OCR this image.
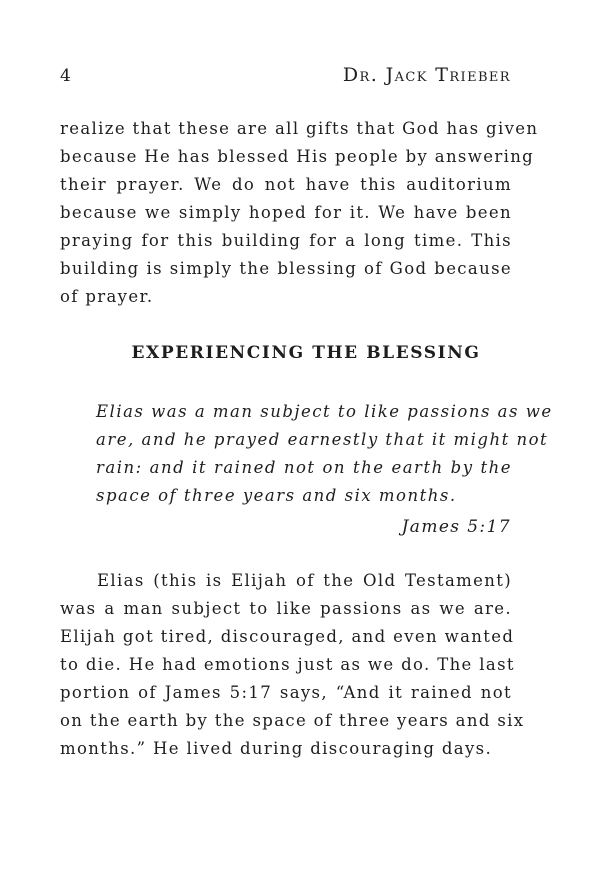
4	Dr. Jack Trieber

realize that these are all gifts that God has given
because He has blessed His people by answering
their prayer. We do not have this auditorium
because we simply hoped for it. We have been
praying for this building for a long time. This
building is simply the blessing of God because
of prayer.

EXPERIENCING THE BLESSING
Elias was a man subject to like passions as we
are, and he prayed earnestly that it might not
rain: and it rained not on the earth by the
space of three years and six months.
James 5:17

Elias (this is Elijah of the Old Testament)
was a man subject to like passions as we are.
Elijah got tired, discouraged, and even wanted
to die. He had emotions just as we do. The last
portion of James 5:17 says, “And it rained not
on the earth by the space of three years and six
months.” He lived during discouraging days.
